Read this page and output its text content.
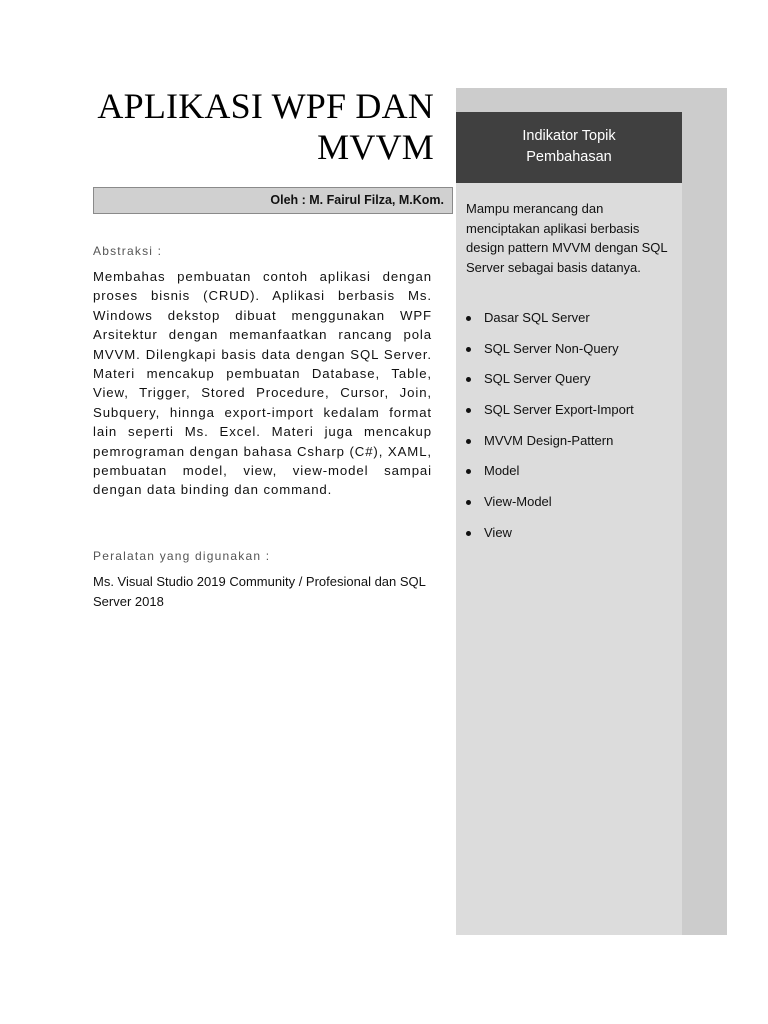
APLIKASI WPF DAN
MVVM
Oleh : M. Fairul Filza, M.Kom.
Abstraksi :

Membahas pembuatan contoh aplikasi dengan proses bisnis (CRUD). Aplikasi berbasis Ms. Windows dekstop dibuat menggunakan WPF Arsitektur dengan memanfaatkan rancang pola MVVM. Dilengkapi basis data dengan SQL Server. Materi mencakup pembuatan Database, Table, View, Trigger, Stored Procedure, Cursor, Join, Subquery, hinnga export-import kedalam format lain seperti Ms. Excel. Materi juga mencakup pemrograman dengan bahasa Csharp (C#), XAML, pembuatan model, view, view-model sampai dengan data binding dan command.

Peralatan yang digunakan :

Ms. Visual Studio 2019 Community / Profesional dan SQL Server 2018

Indikator Topik
Pembahasan

Mampu merancang dan menciptakan aplikasi berbasis design pattern MVVM dengan SQL Server sebagai basis datanya.

Dasar SQL Server
SQL Server Non-Query
SQL Server Query
SQL Server Export-Import
MVVM Design-Pattern
Model
View-Model
View
